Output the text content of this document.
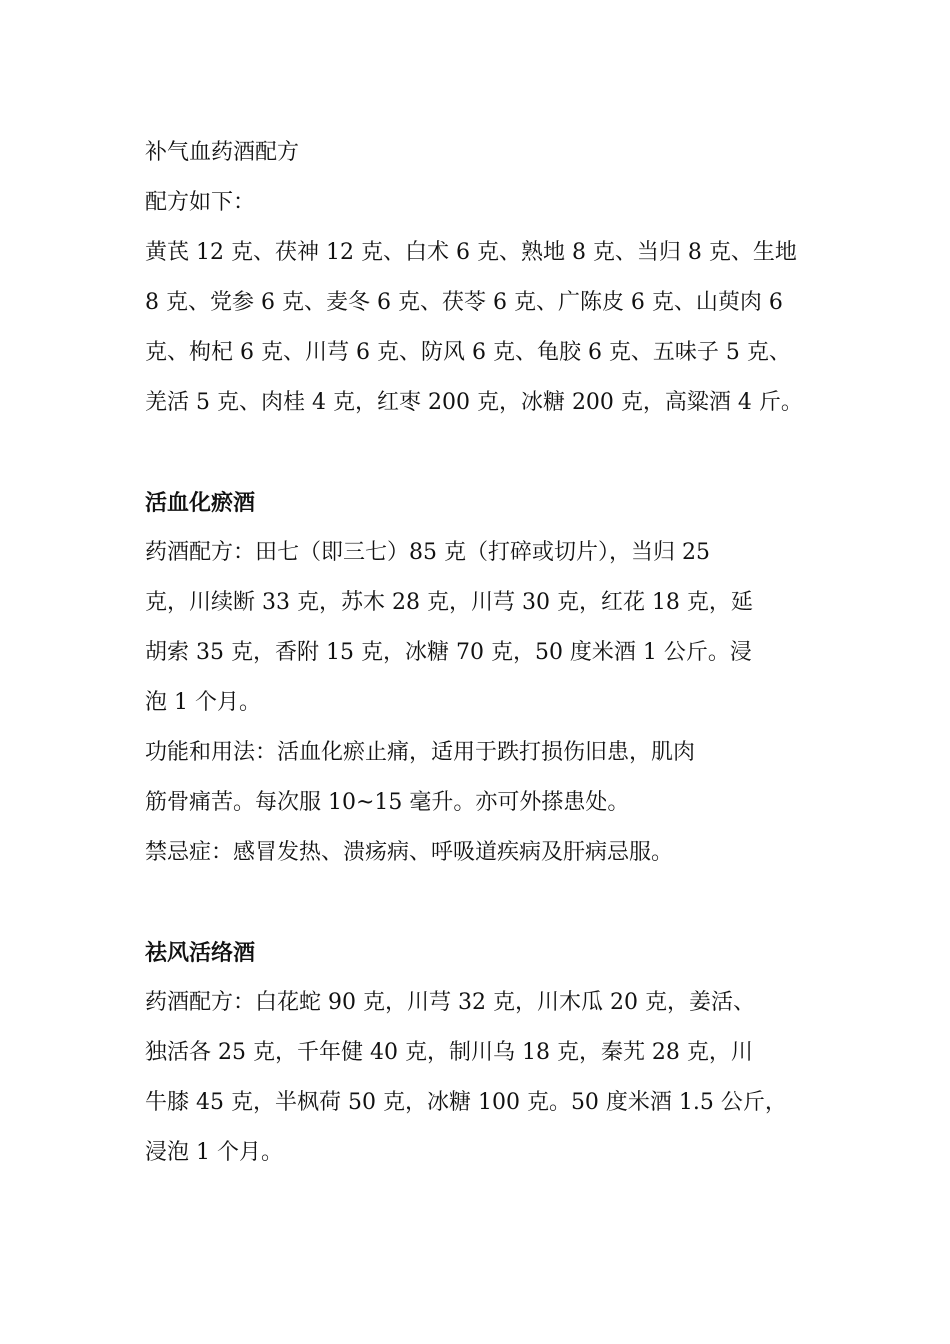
补气血药酒配方
配方如下：
黄芪 12 克、茯神 12 克、白术 6 克、熟地 8 克、当归 8 克、生地
8 克、党参 6 克、麦冬 6 克、茯苓 6 克、广陈皮 6 克、山萸肉 6
克、枸杞 6 克、川芎 6 克、防风 6 克、龟胶 6 克、五味子 5 克、
羌活 5 克、肉桂 4 克，红枣 200 克，冰糖 200 克，高粱酒 4 斤。
活血化瘀酒
药酒配方：田七（即三七）85 克（打碎或切片），当归 25
克，川续断 33 克，苏木 28 克，川芎 30 克，红花 18 克，延
胡索 35 克，香附 15 克，冰糖 70 克，50 度米酒 1 公斤。浸
泡 1 个月。
功能和用法：活血化瘀止痛，适用于跌打损伤旧患，肌肉
筋骨痛苦。每次服 10~15 毫升。亦可外搽患处。
禁忌症：感冒发热、溃疡病、呼吸道疾病及肝病忌服。
祛风活络酒
药酒配方：白花蛇 90 克，川芎 32 克，川木瓜 20 克，姜活、
独活各 25 克，千年健 40 克，制川乌 18 克，秦艽 28 克，川
牛膝 45 克，半枫荷 50 克，冰糖 100 克。50 度米酒 1.5 公斤，
浸泡 1 个月。
